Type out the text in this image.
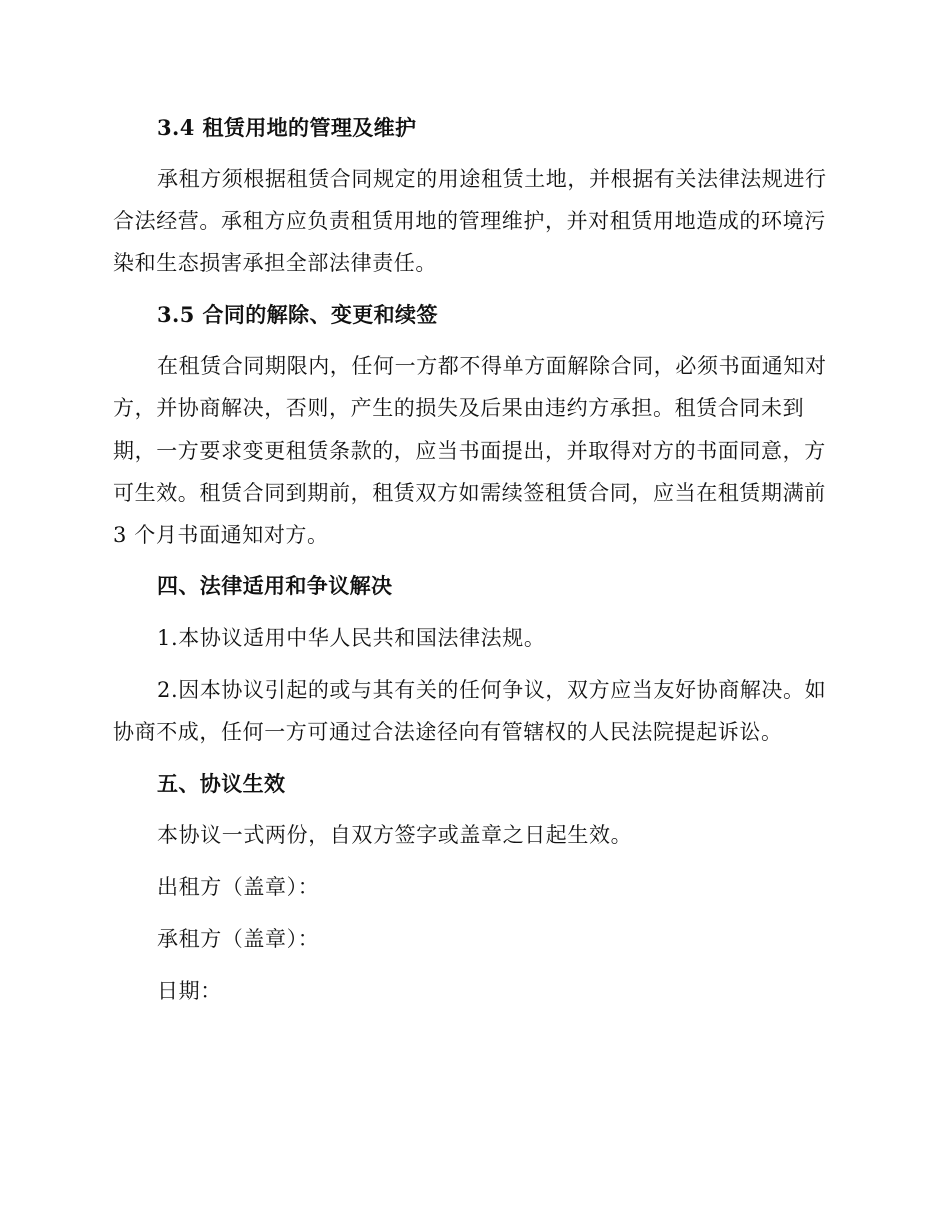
3.4 租赁用地的管理及维护
承租方须根据租赁合同规定的用途租赁土地，并根据有关法律法规进行
合法经营。承租方应负责租赁用地的管理维护，并对租赁用地造成的环境污
染和生态损害承担全部法律责任。
3.5 合同的解除、变更和续签
在租赁合同期限内，任何一方都不得单方面解除合同，必须书面通知对
方，并协商解决，否则，产生的损失及后果由违约方承担。租赁合同未到
期，一方要求变更租赁条款的，应当书面提出，并取得对方的书面同意，方
可生效。租赁合同到期前，租赁双方如需续签租赁合同，应当在租赁期满前
3 个月书面通知对方。
四、法律适用和争议解决
1.本协议适用中华人民共和国法律法规。
2.因本协议引起的或与其有关的任何争议，双方应当友好协商解决。如
协商不成，任何一方可通过合法途径向有管辖权的人民法院提起诉讼。
五、协议生效
本协议一式两份，自双方签字或盖章之日起生效。
出租方（盖章）：
承租方（盖章）：
日期：
